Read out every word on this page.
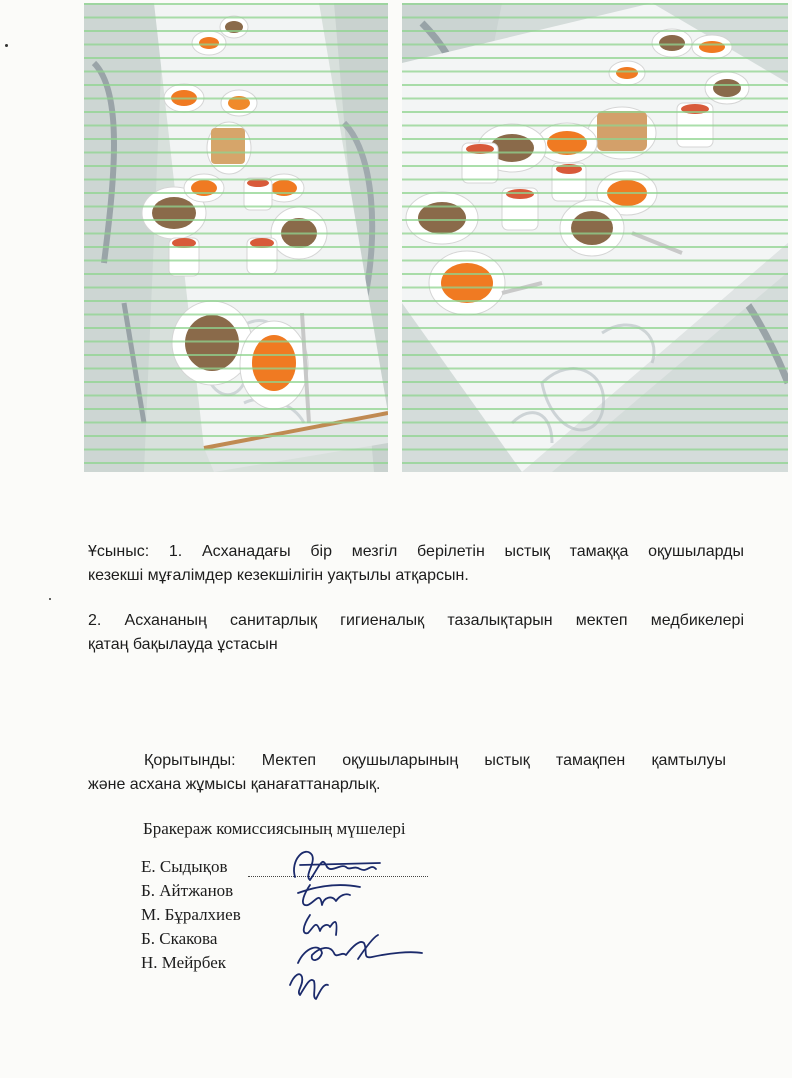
Ұсыныс: 1. Асханадағы бір мезгіл берілетін ыстық тамаққа оқушыларды
кезекші мұғалімдер кезекшілігін уақтылы атқарсын.
2. Асхананың санитарлық гигиеналық тазалықтарын мектеп медбикелері
қатаң бақылауда ұстасын
Қорытынды: Мектеп оқушыларының ыстық тамақпен қамтылуы
және асхана жұмысы қанағаттанарлық.
Бракераж комиссиясының мүшелері
Е. Сыдықов
Б. Айтжанов
М. Бұралхиев
Б. Скакова
Н. Мейрбек
